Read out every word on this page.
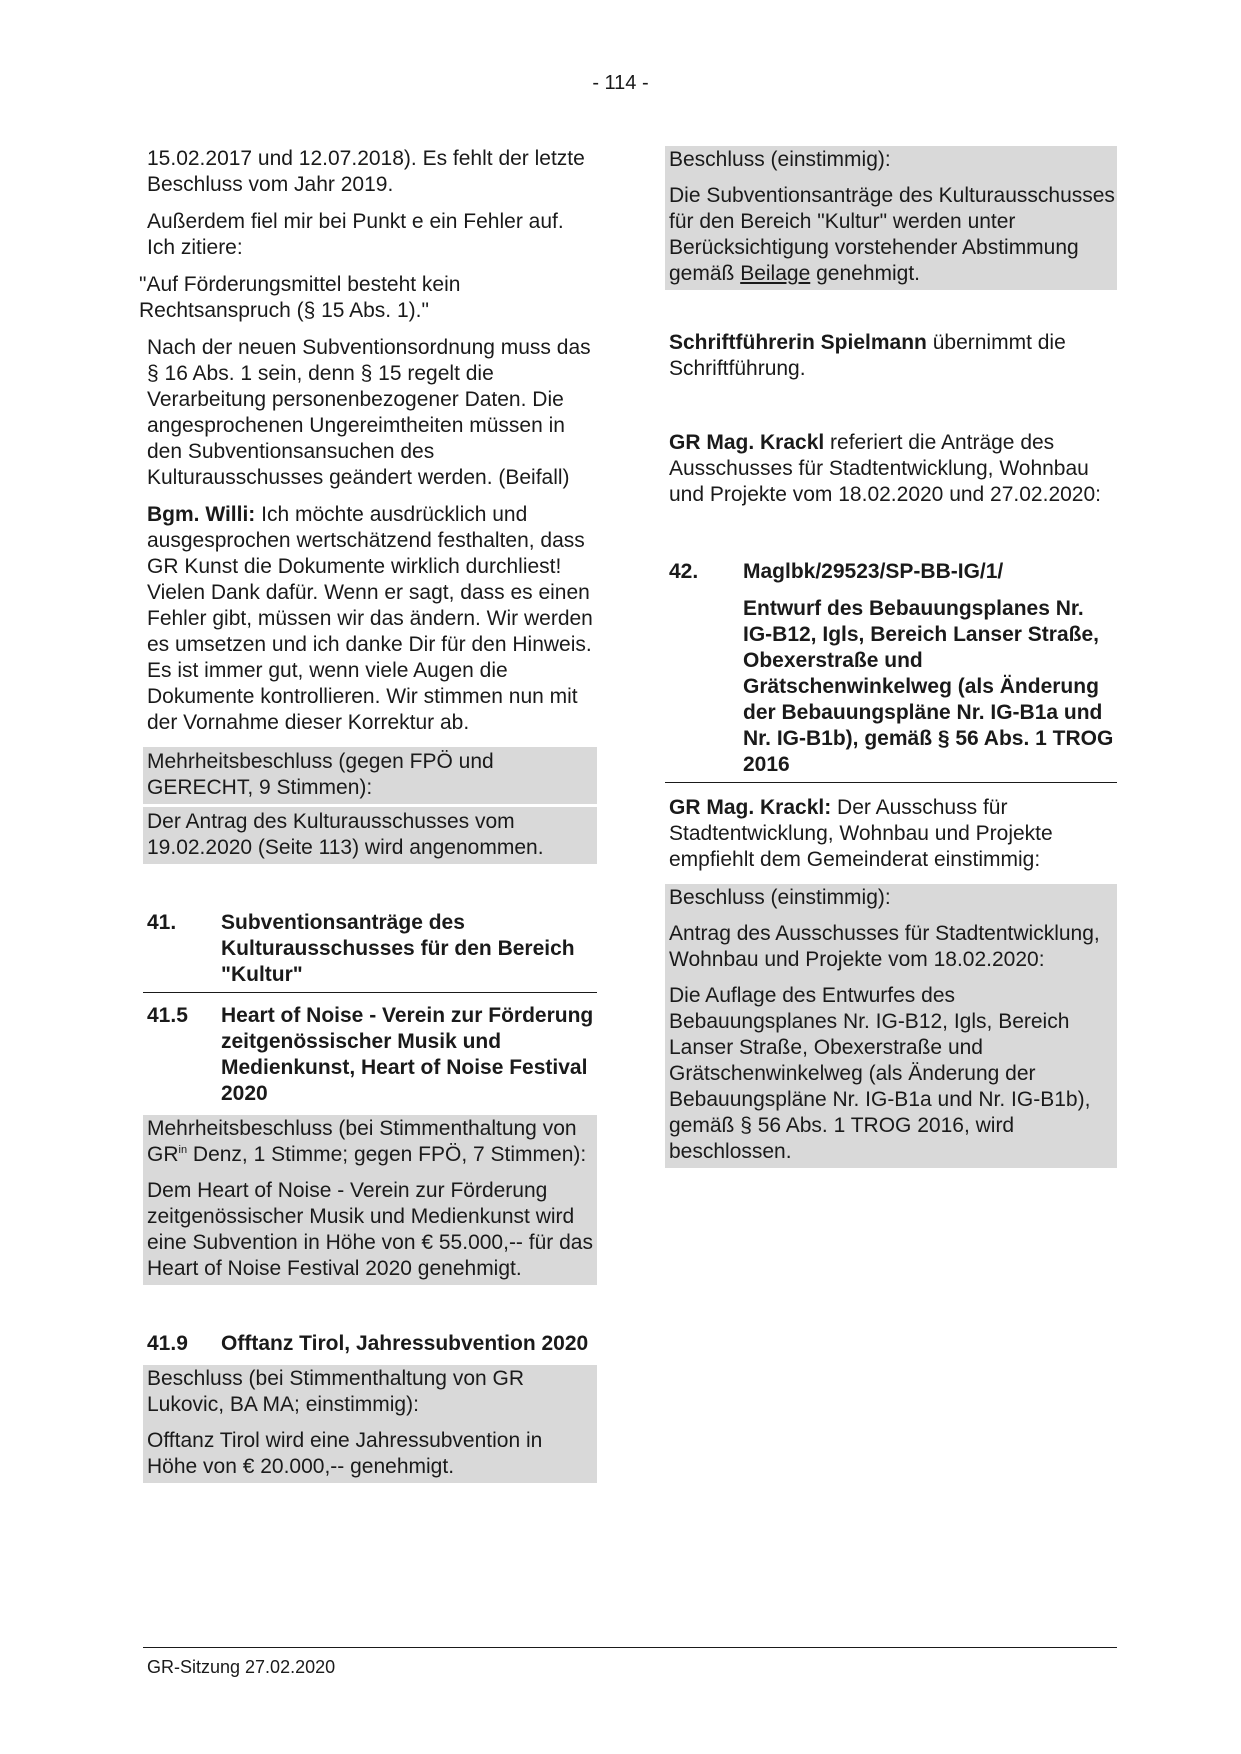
- 114 -

15.02.2017 und 12.07.2018). Es fehlt der letzte Beschluss vom Jahr 2019.

Außerdem fiel mir bei Punkt e ein Fehler auf. Ich zitiere:

"Auf Förderungsmittel besteht kein Rechtsanspruch (§ 15 Abs. 1)."

Nach der neuen Subventionsordnung muss das § 16 Abs. 1 sein, denn § 15 regelt die Verarbeitung personenbezogener Daten. Die angesprochenen Ungereimtheiten müssen in den Subventionsansuchen des Kulturausschusses geändert werden. (Beifall)

Bgm. Willi: Ich möchte ausdrücklich und ausgesprochen wertschätzend festhalten, dass GR Kunst die Dokumente wirklich durchliest! Vielen Dank dafür. Wenn er sagt, dass es einen Fehler gibt, müssen wir das ändern. Wir werden es umsetzen und ich danke Dir für den Hinweis. Es ist immer gut, wenn viele Augen die Dokumente kontrollieren. Wir stimmen nun mit der Vornahme dieser Korrektur ab.

Mehrheitsbeschluss (gegen FPÖ und GERECHT, 9 Stimmen):

Der Antrag des Kulturausschusses vom 19.02.2020 (Seite 113) wird angenommen.

41.	Subventionsanträge des Kulturausschusses für den Bereich "Kultur"
41.5	Heart of Noise - Verein zur Förderung zeitgenössischer Musik und Medienkunst, Heart of Noise Festival 2020

Mehrheitsbeschluss (bei Stimmenthaltung von $GR^{in}$ Denz, 1 Stimme; gegen FPÖ, 7 Stimmen):

Dem Heart of Noise - Verein zur Förderung zeitgenössischer Musik und Medienkunst wird eine Subvention in Höhe von € 55.000,-- für das Heart of Noise Festival 2020 genehmigt.

41.9	Offtanz Tirol, Jahressubvention 2020

Beschluss (bei Stimmenthaltung von GR Lukovic, BA MA; einstimmig):

Offtanz Tirol wird eine Jahressubvention in Höhe von € 20.000,-- genehmigt.

Beschluss (einstimmig):

Die Subventionsanträge des Kulturausschusses für den Bereich "Kultur" werden unter Berücksichtigung vorstehender Abstimmung gemäß Beilage genehmigt.

Schriftführerin Spielmann übernimmt die Schriftführung.

GR Mag. Krackl referiert die Anträge des Ausschusses für Stadtentwicklung, Wohnbau und Projekte vom 18.02.2020 und 27.02.2020:

42.	Maglbk/29523/SP-BB-IG/1/
Entwurf des Bebauungsplanes Nr. IG-B12, Igls, Bereich Lanser Straße, Obexerstraße und Grätschenwinkelweg (als Änderung der Bebauungspläne Nr. IG-B1a und Nr. IG-B1b), gemäß § 56 Abs. 1 TROG 2016

GR Mag. Krackl: Der Ausschuss für Stadtentwicklung, Wohnbau und Projekte empfiehlt dem Gemeinderat einstimmig:

Beschluss (einstimmig):

Antrag des Ausschusses für Stadtentwicklung, Wohnbau und Projekte vom 18.02.2020:

Die Auflage des Entwurfes des Bebauungsplanes Nr. IG-B12, Igls, Bereich Lanser Straße, Obexerstraße und Grätschenwinkelweg (als Änderung der Bebauungspläne Nr. IG-B1a und Nr. IG-B1b), gemäß § 56 Abs. 1 TROG 2016, wird beschlossen.

GR-Sitzung 27.02.2020
